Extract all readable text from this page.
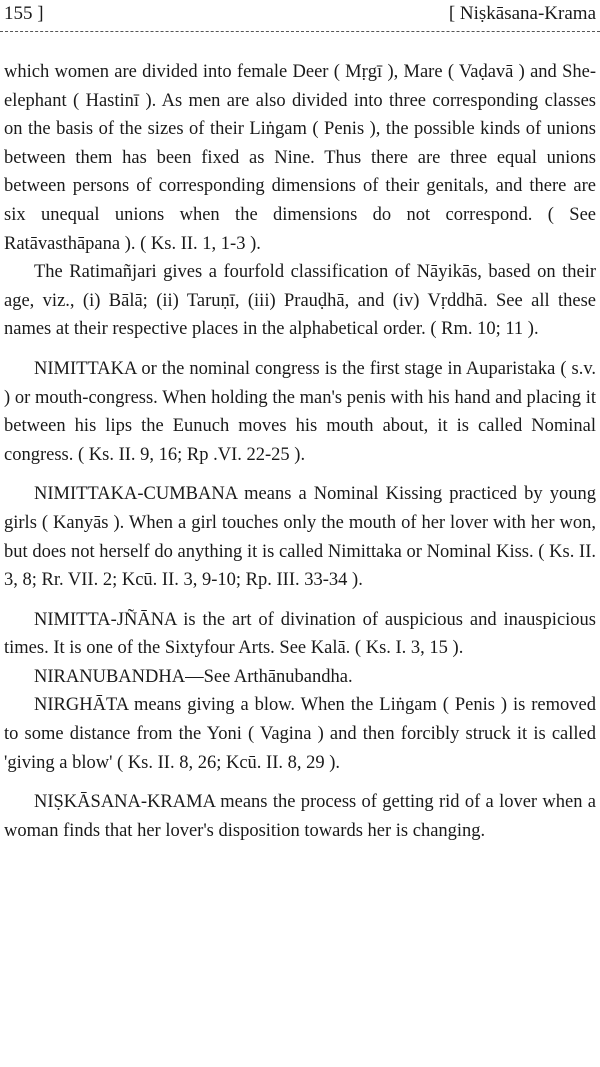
155 ]	[ Niṣkāsana-Krama

which women are divided into female Deer ( Mṛgī ), Mare ( Vaḍavā ) and She-elephant ( Hastinī ). As men are also divided into three corresponding classes on the basis of the sizes of their Liṅgam ( Penis ), the possible kinds of unions between them has been fixed as Nine. Thus there are three equal unions between persons of corresponding dimensions of their genitals, and there are six unequal unions when the dimensions do not correspond. ( See Ratāvasthāpana ). ( Ks. II. 1, 1-3 ).

The Ratimañjari gives a fourfold classification of Nāyikās, based on their age, viz., (i) Bālā; (ii) Taruṇī, (iii) Prauḍhā, and (iv) Vṛddhā. See all these names at their respective places in the alphabetical order. ( Rm. 10; 11 ).

NIMITTAKA or the nominal congress is the first stage in Auparistaka ( s.v. ) or mouth-congress. When holding the man's penis with his hand and placing it between his lips the Eunuch moves his mouth about, it is called Nominal congress. ( Ks. II. 9, 16; Rp .VI. 22-25 ).

NIMITTAKA-CUMBANA means a Nominal Kissing practiced by young girls ( Kanyās ). When a girl touches only the mouth of her lover with her won, but does not herself do anything it is called Nimittaka or Nominal Kiss. ( Ks. II. 3, 8; Rr. VII. 2; Kcū. II. 3, 9-10; Rp. III. 33-34 ).

NIMITTA-JÑĀNA is the art of divination of auspicious and inauspicious times. It is one of the Sixtyfour Arts. See Kalā. ( Ks. I. 3, 15 ).

NIRANUBANDHA—See Arthānubandha.

NIRGHĀTA means giving a blow. When the Liṅgam ( Penis ) is removed to some distance from the Yoni ( Vagina ) and then forcibly struck it is called 'giving a blow' ( Ks. II. 8, 26; Kcū. II. 8, 29 ).

NIṢKĀSANA-KRAMA means the process of getting rid of a lover when a woman finds that her lover's disposition towards her is changing.
